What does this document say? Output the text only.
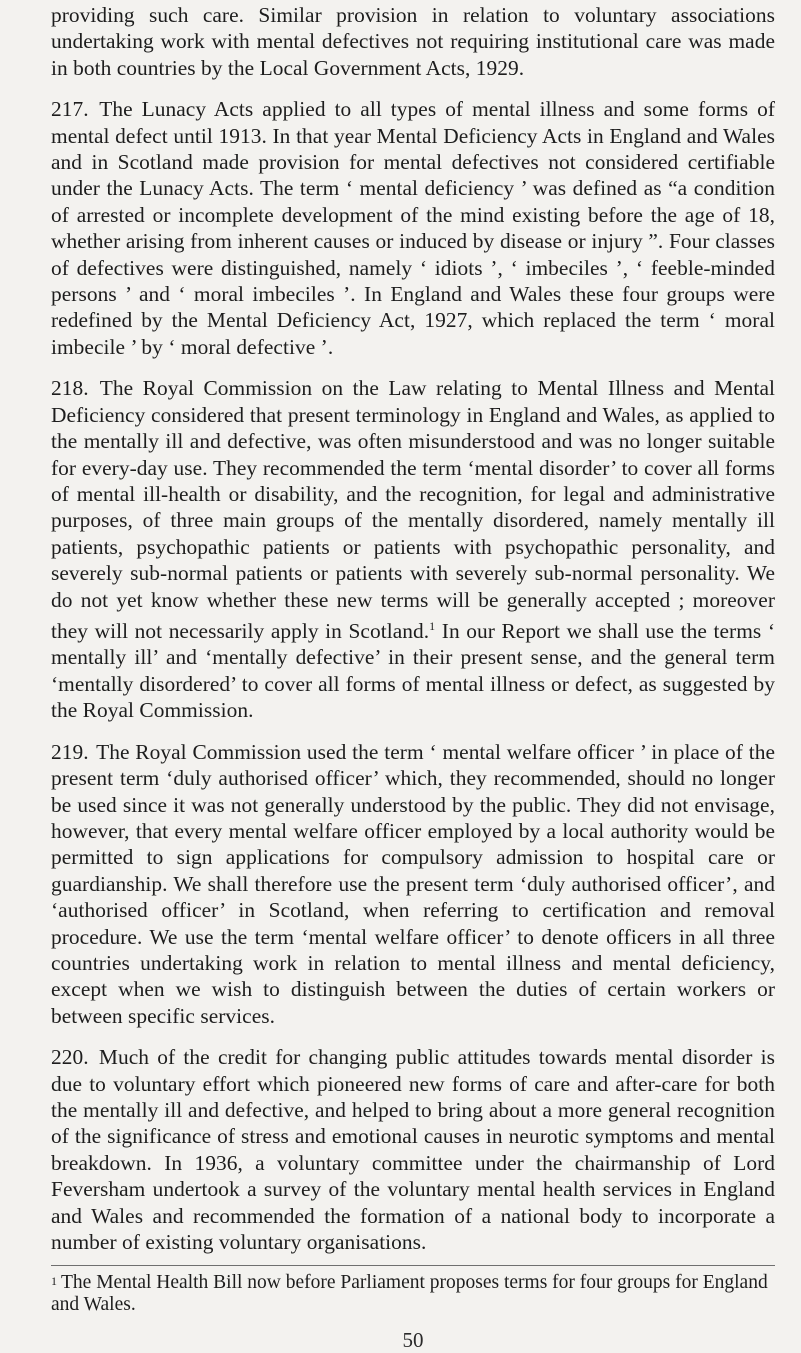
providing such care. Similar provision in relation to voluntary associations undertaking work with mental defectives not requiring institutional care was made in both countries by the Local Government Acts, 1929.

217. The Lunacy Acts applied to all types of mental illness and some forms of mental defect until 1913. In that year Mental Deficiency Acts in England and Wales and in Scotland made provision for mental defectives not considered certifiable under the Lunacy Acts. The term ‘ mental deficiency ’ was defined as “a condition of arrested or incomplete development of the mind existing before the age of 18, whether arising from inherent causes or induced by disease or injury ”. Four classes of defectives were distinguished, namely ‘ idiots ’, ‘ imbeciles ’, ‘ feeble-minded persons ’ and ‘ moral imbeciles ’. In England and Wales these four groups were redefined by the Mental Deficiency Act, 1927, which replaced the term ‘ moral imbecile ’ by ‘ moral defective ’.

218. The Royal Commission on the Law relating to Mental Illness and Mental Deficiency considered that present terminology in England and Wales, as applied to the mentally ill and defective, was often misunderstood and was no longer suitable for every-day use. They recommended the term ‘mental disorder’ to cover all forms of mental ill-health or disability, and the recognition, for legal and administrative purposes, of three main groups of the mentally disordered, namely mentally ill patients, psychopathic patients or patients with psychopathic personality, and severely sub-normal patients or patients with severely sub-normal personality. We do not yet know whether these new terms will be generally accepted ; moreover they will not necessarily apply in Scotland.$^1$ In our Report we shall use the terms ‘ mentally ill’ and ‘mentally defective’ in their present sense, and the general term ‘mentally disordered’ to cover all forms of mental illness or defect, as suggested by the Royal Commission.

219. The Royal Commission used the term ‘ mental welfare officer ’ in place of the present term ‘duly authorised officer’ which, they recommended, should no longer be used since it was not generally understood by the public. They did not envisage, however, that every mental welfare officer employed by a local authority would be permitted to sign applications for compulsory admission to hospital care or guardianship. We shall therefore use the present term ‘duly authorised officer’, and ‘authorised officer’ in Scotland, when referring to certification and removal procedure. We use the term ‘mental welfare officer’ to denote officers in all three countries undertaking work in relation to mental illness and mental deficiency, except when we wish to distinguish between the duties of certain workers or between specific services.

220. Much of the credit for changing public attitudes towards mental disorder is due to voluntary effort which pioneered new forms of care and after-care for both the mentally ill and defective, and helped to bring about a more general recognition of the significance of stress and emotional causes in neurotic symptoms and mental breakdown. In 1936, a voluntary committee under the chairmanship of Lord Feversham undertook a survey of the voluntary mental health services in England and Wales and recommended the formation of a national body to incorporate a number of existing voluntary organisations.

$^1$ The Mental Health Bill now before Parliament proposes terms for four groups for England and Wales.

50
